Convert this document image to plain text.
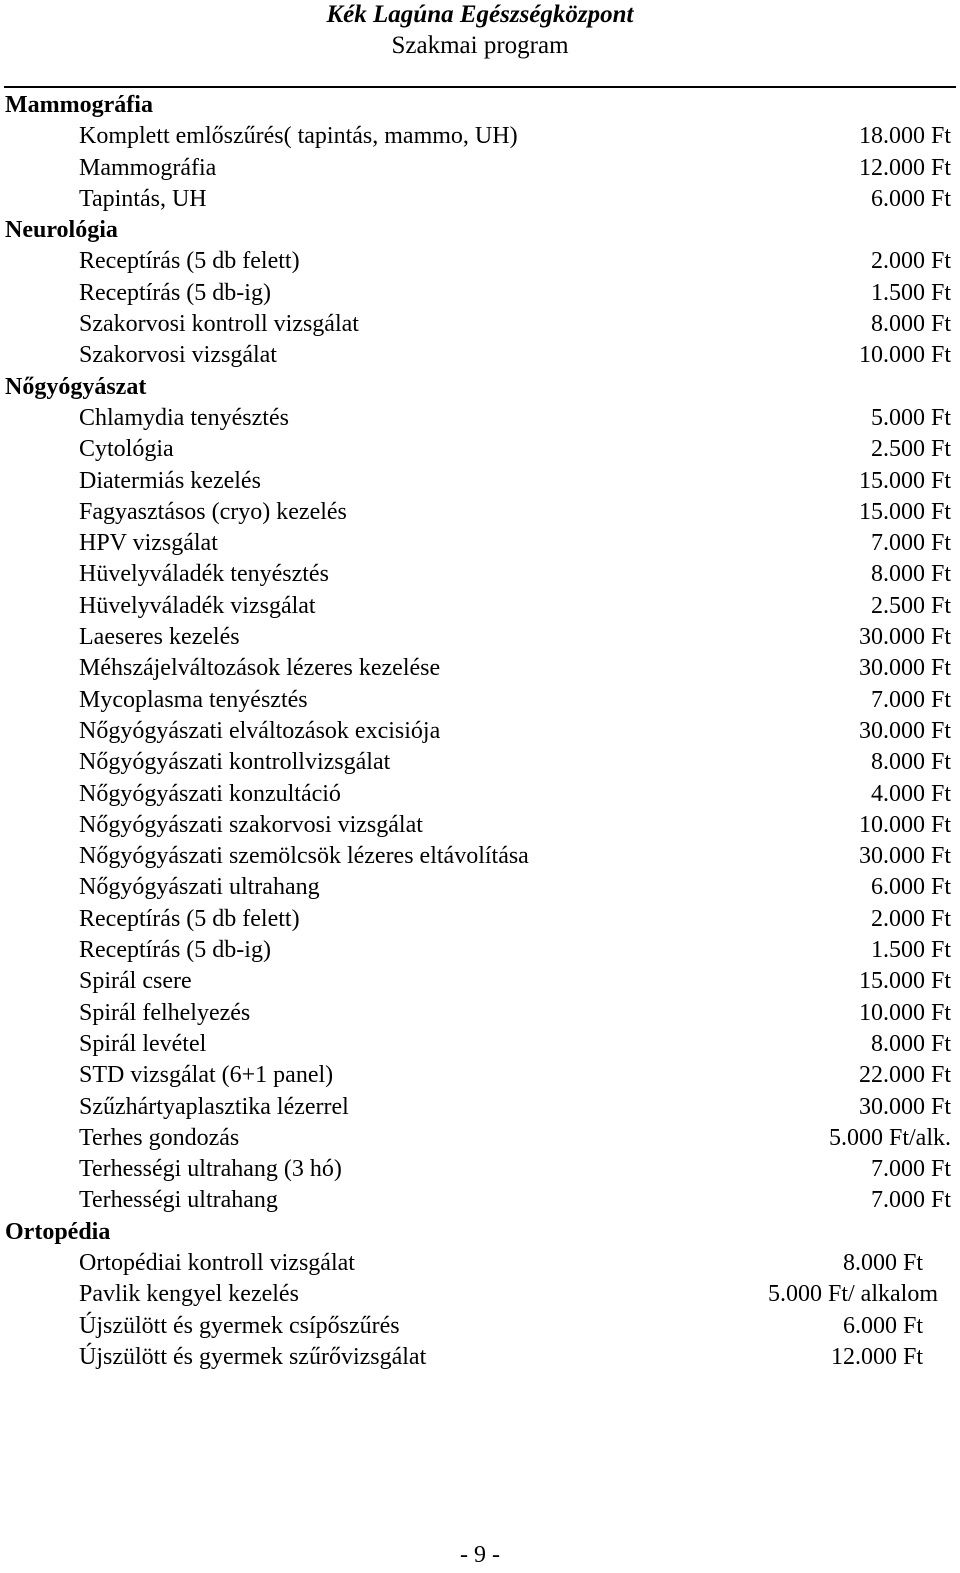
Kék Lagúna Egészségközpont
Szakmai program
Mammográfia
Komplett emlőszűrés( tapintás, mammo, UH)	18.000 Ft
Mammográfia	12.000 Ft
Tapintás, UH	6.000 Ft
Neurológia
Receptírás (5 db felett)	2.000 Ft
Receptírás (5 db-ig)	1.500 Ft
Szakorvosi kontroll vizsgálat	8.000 Ft
Szakorvosi vizsgálat	10.000 Ft
Nőgyógyászat
Chlamydia tenyésztés	5.000 Ft
Cytológia	2.500 Ft
Diatermiás kezelés	15.000 Ft
Fagyasztásos (cryo) kezelés	15.000 Ft
HPV vizsgálat	7.000 Ft
Hüvelyváladék tenyésztés	8.000 Ft
Hüvelyváladék vizsgálat	2.500 Ft
Laeseres kezelés	30.000 Ft
Méhszájelváltozások lézeres kezelése	30.000 Ft
Mycoplasma tenyésztés	7.000 Ft
Nőgyógyászati elváltozások excisiója	30.000 Ft
Nőgyógyászati kontrollvizsgálat	8.000 Ft
Nőgyógyászati konzultáció	4.000 Ft
Nőgyógyászati szakorvosi vizsgálat	10.000 Ft
Nőgyógyászati szemölcsök lézeres eltávolítása	30.000 Ft
Nőgyógyászati ultrahang	6.000 Ft
Receptírás (5 db felett)	2.000 Ft
Receptírás (5 db-ig)	1.500 Ft
Spirál csere	15.000 Ft
Spirál felhelyezés	10.000 Ft
Spirál levétel	8.000 Ft
STD vizsgálat (6+1 panel)	22.000 Ft
Szűzhártyaplasztika lézerrel	30.000 Ft
Terhes gondozás	5.000 Ft/alk.
Terhességi ultrahang (3 hó)	7.000 Ft
Terhességi ultrahang	7.000 Ft
Ortopédia
Ortopédiai kontroll vizsgálat	8.000 Ft
Pavlik kengyel kezelés	5.000 Ft/ alkalom
Újszülött és gyermek csípőszűrés	6.000 Ft
Újszülött és gyermek szűrővizsgálat	12.000 Ft
- 9 -
